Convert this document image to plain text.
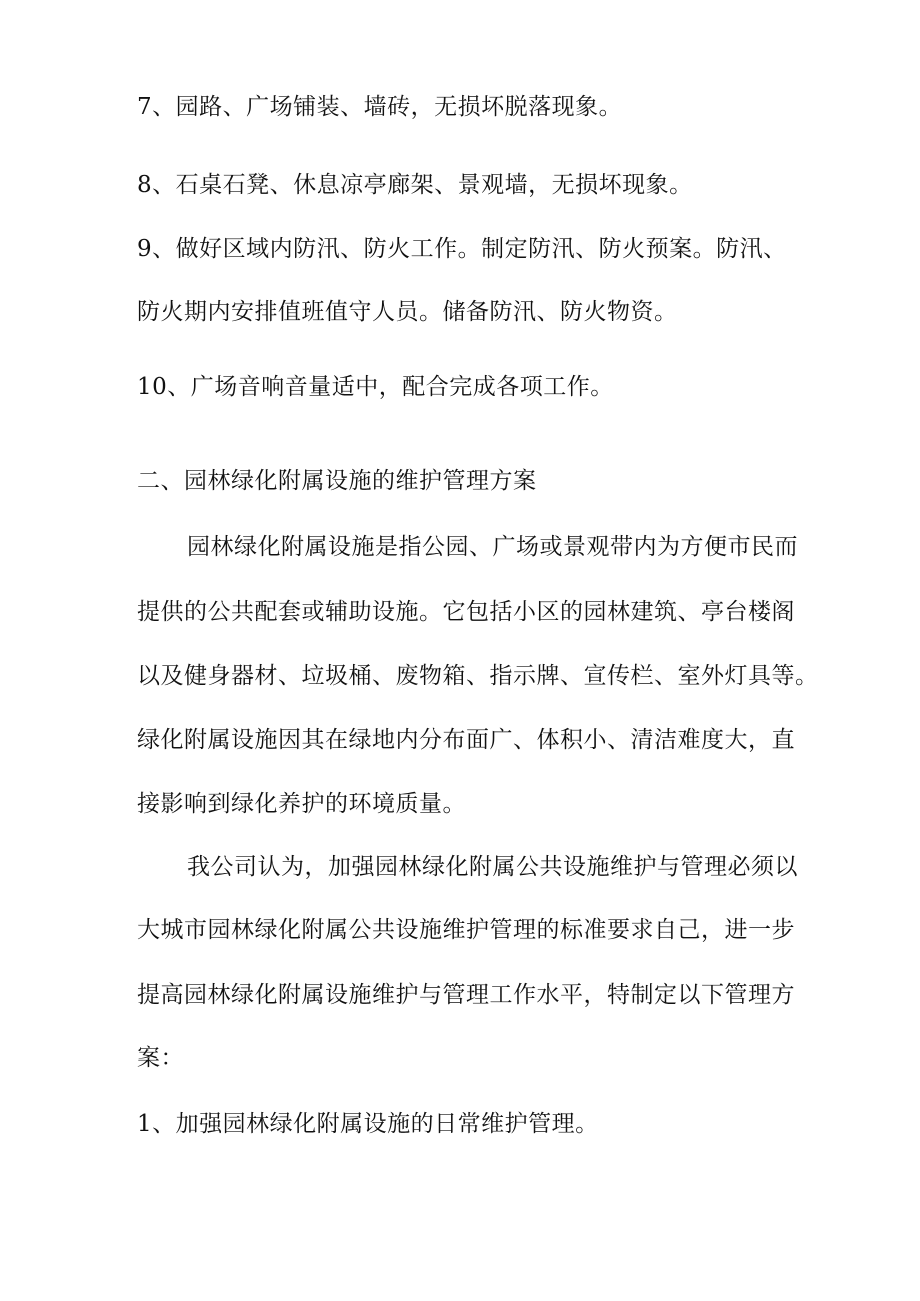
7、园路、广场铺装、墙砖，无损坏脱落现象。
8、石桌石凳、休息凉亭廊架、景观墙，无损坏现象。
9、做好区域内防汛、防火工作。制定防汛、防火预案。防汛、
防火期内安排值班值守人员。储备防汛、防火物资。
10、广场音响音量适中，配合完成各项工作。
二、园林绿化附属设施的维护管理方案
园林绿化附属设施是指公园、广场或景观带内为方便市民而
提供的公共配套或辅助设施。它包括小区的园林建筑、亭台楼阁
以及健身器材、垃圾桶、废物箱、指示牌、宣传栏、室外灯具等。
绿化附属设施因其在绿地内分布面广、体积小、清洁难度大，直
接影响到绿化养护的环境质量。
我公司认为，加强园林绿化附属公共设施维护与管理必须以
大城市园林绿化附属公共设施维护管理的标准要求自己，进一步
提高园林绿化附属设施维护与管理工作水平，特制定以下管理方
案：
1、加强园林绿化附属设施的日常维护管理。
